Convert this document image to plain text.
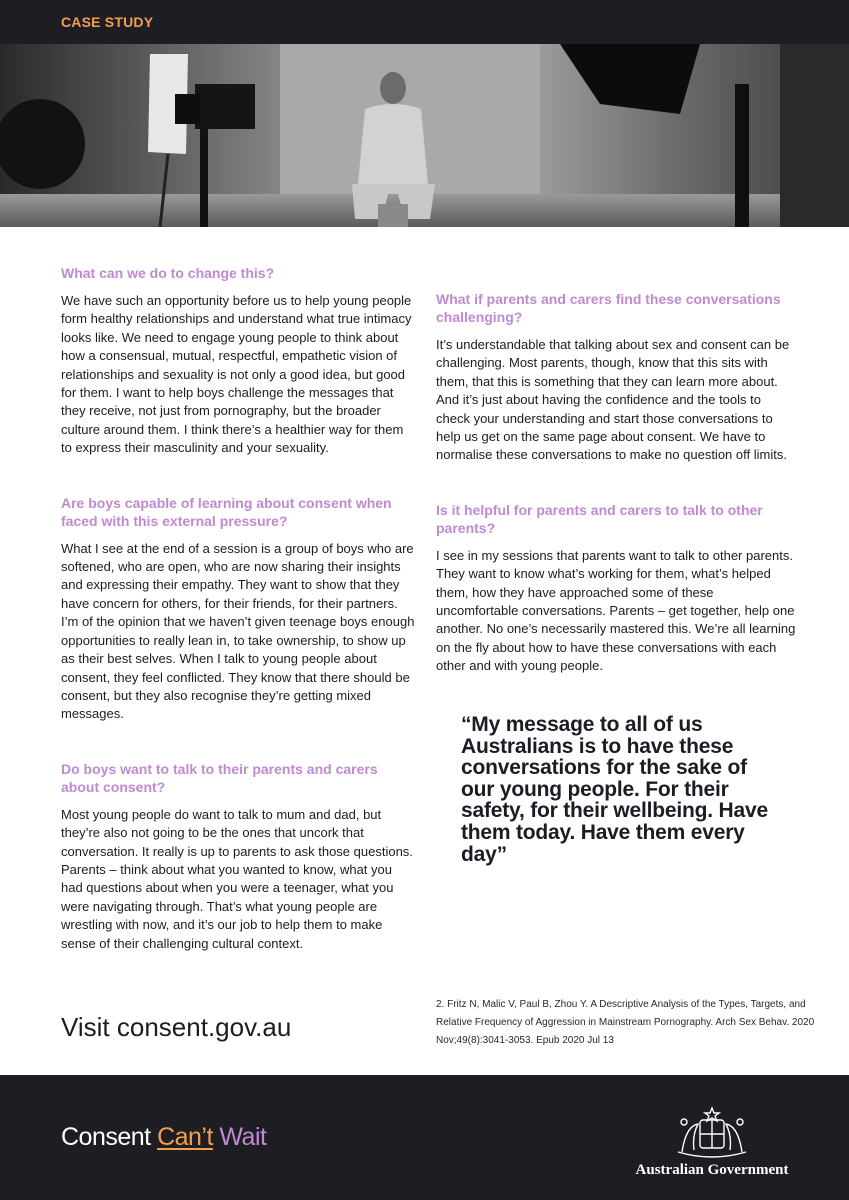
CASE STUDY
What can we do to change this?

We have such an opportunity before us to help young people form healthy relationships and understand what true intimacy looks like. We need to engage young people to think about how a consensual, mutual, respectful, empathetic vision of relationships and sexuality is not only a good idea, but good for them. I want to help boys challenge the messages that they receive, not just from pornography, but the broader culture around them. I think there’s a healthier way for them to express their masculinity and your sexuality.

Are boys capable of learning about consent when faced with this external pressure?

What I see at the end of a session is a group of boys who are softened, who are open, who are now sharing their insights and expressing their empathy. They want to show that they have concern for others, for their friends, for their partners. I’m of the opinion that we haven’t given teenage boys enough opportunities to really lean in, to take ownership, to show up as their best selves. When I talk to young people about consent, they feel conflicted. They know that there should be consent, but they also recognise they’re getting mixed messages.

Do boys want to talk to their parents and carers about consent?

Most young people do want to talk to mum and dad, but they’re also not going to be the ones that uncork that conversation. It really is up to parents to ask those questions. Parents – think about what you wanted to know, what you had questions about when you were a teenager, what you were navigating through. That’s what young people are wrestling with now, and it’s our job to help them to make sense of their challenging cultural context.

What if parents and carers find these conversations challenging?

It’s understandable that talking about sex and consent can be challenging. Most parents, though, know that this sits with them, that this is something that they can learn more about. And it’s just about having the confidence and the tools to check your understanding and start those conversations to help us get on the same page about consent. We have to normalise these conversations to make no question off limits.

Is it helpful for parents and carers to talk to other parents?

I see in my sessions that parents want to talk to other parents. They want to know what’s working for them, what’s helped them, how they have approached some of these uncomfortable conversations. Parents – get together, help one another. No one’s necessarily mastered this. We’re all learning on the fly about how to have these conversations with each other and with young people.

“My message to all of us Australians is to have these conversations for the sake of our young people. For their safety, for their wellbeing. Have them today. Have them every day”
Visit consent.gov.au
2. Fritz N, Malic V, Paul B, Zhou Y. A Descriptive Analysis of the Types, Targets, and Relative Frequency of Aggression in Mainstream Pornography. Arch Sex Behav. 2020 Nov;49(8):3041-3053. Epub 2020 Jul 13
Consent Can’t Wait
Australian Government
